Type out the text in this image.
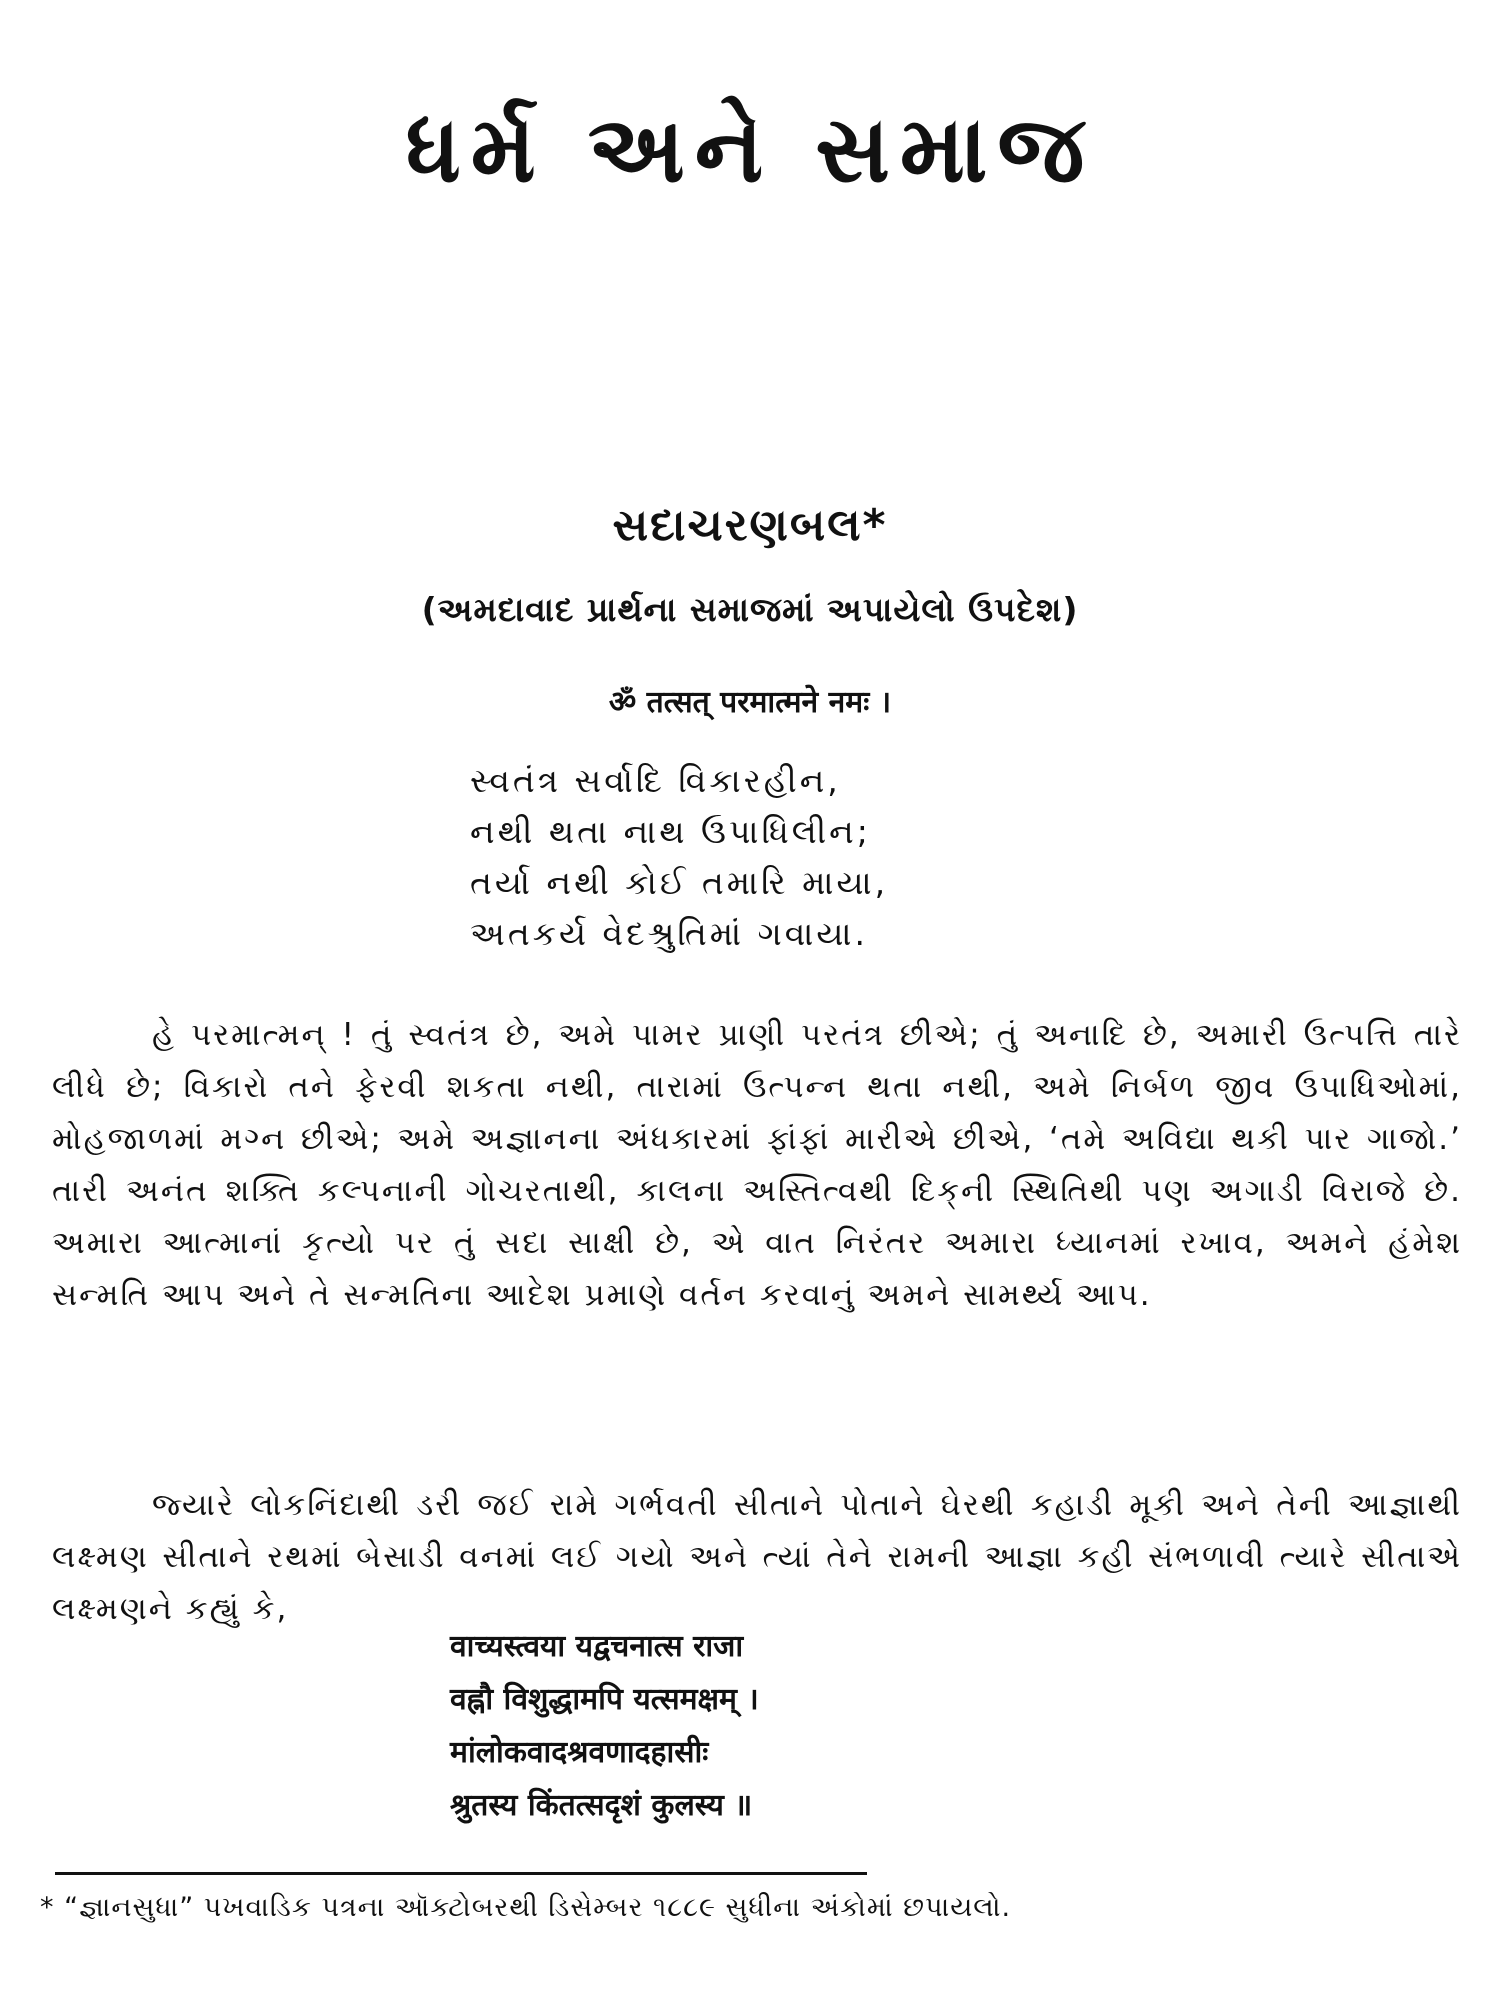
ધર્મ અને સમાજ
સદાચરણબલ*
(અમદાવાદ પ્રાર્થના સમાજમાં અપાયેલો ઉપદેશ)
ॐ तत्सत् परमात्मने नमः ।
સ્વતંત્ર સર્વાદિ વિકારહીન,
નથી થતા નાથ ઉપાધિલીન;
તર્યા નથી કોઈ તમારિ માયા,
અતકર્ય વેદશ્રુતિમાં ગવાયા.

હે પરમાત્મન્ ! તું સ્વતંત્ર છે, અમે પામર પ્રાણી પરતંત્ર છીએ; તું અનાદિ છે, અમારી ઉત્પત્તિ તારે લીધે છે; વિકારો તને ફેરવી શકતા નથી, તારામાં ઉત્પન્ન થતા નથી, અમે નિર્બળ જીવ ઉપાધિઓમાં, મોહજાળમાં મગ્ન છીએ; અમે અજ્ઞાનના અંધકારમાં ફાંફાં મારીએ છીએ, ‘તમે અવિદ્યા થકી પાર ગાજો.’ તારી અનંત શક્તિ કલ્પનાની ગોચરતાથી, કાલના અસ્તિત્વથી દિક્‌ની સ્થિતિથી પણ અગાડી વિરાજે છે. અમારા આત્માનાં કૃત્યો પર તું સદા સાક્ષી છે, એ વાત નિરંતર અમારા ધ્યાનમાં રખાવ, અમને હંમેશ સન્મતિ આપ અને તે સન્મતિના આદેશ પ્રમાણે વર્તન કરવાનું અમને સામર્થ્ય આપ.

જ્યારે લોકનિંદાથી ડરી જઈ રામે ગર્ભવતી સીતાને પોતાને ઘેરથી કહાડી મૂકી અને તેની આજ્ઞાથી લક્ષ્મણ સીતાને રથમાં બેસાડી વનમાં લઈ ગયો અને ત્યાં તેને રામની આજ્ઞા કહી સંભળાવી ત્યારે સીતાએ લક્ષ્મણને કહ્યું કે,

वाच्यस्त्वया यद्वचनात्स राजा
वह्नौ विशुद्धामपि यत्समक्षम् ।
मांलोकवादश्रवणादहासीः
श्रुतस्य किंतत्सदृशं कुलस्य ॥
* “જ્ઞાનસુધા” પખવાડિક પત્રના ઑક્ટોબરથી ડિસેમ્બર ૧૮૮૯ સુધીના અંકોમાં છપાયલો.
